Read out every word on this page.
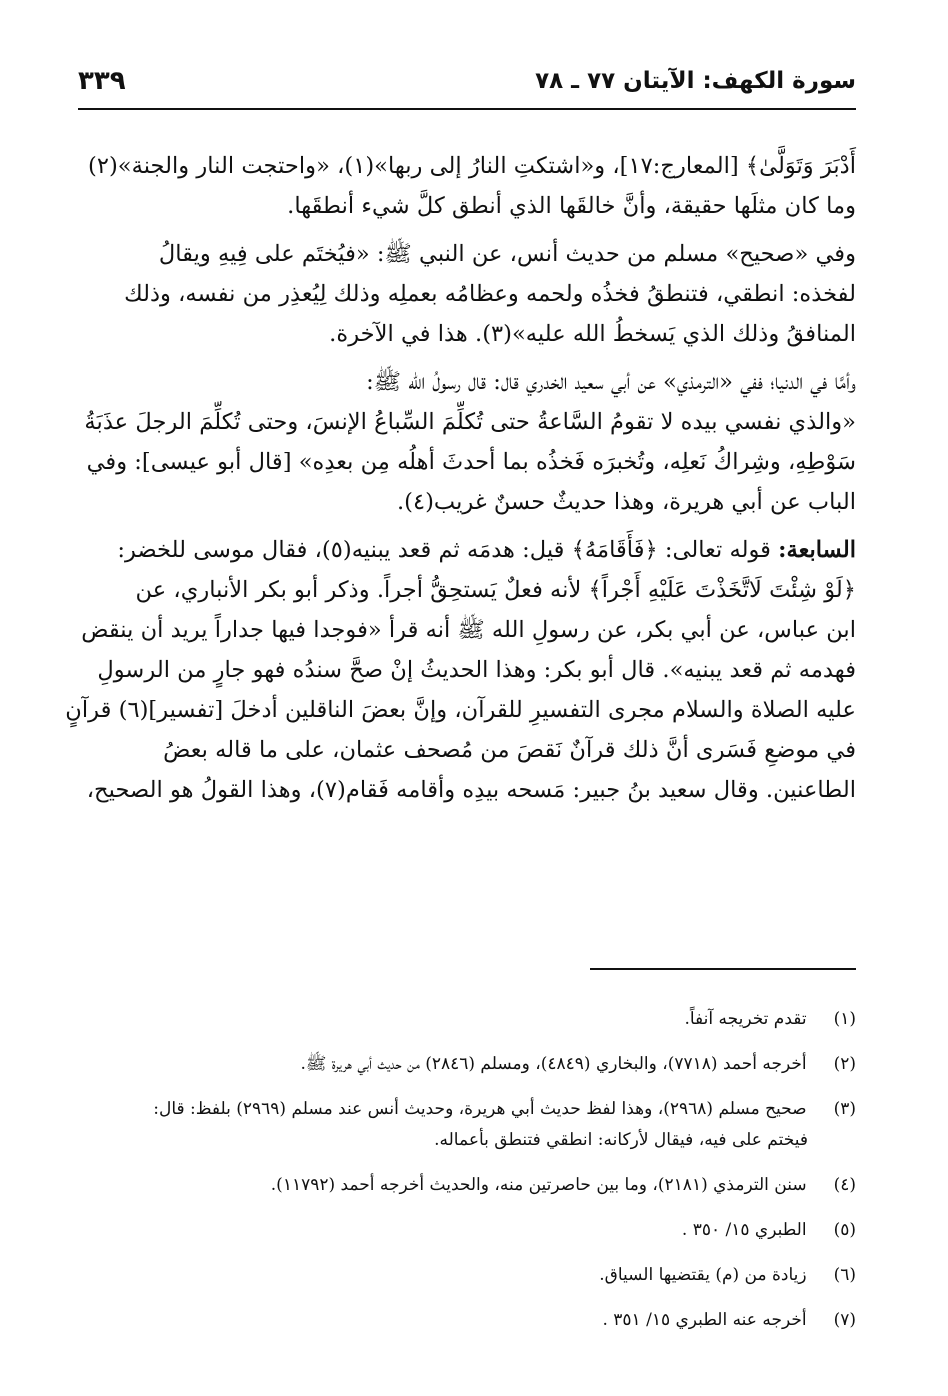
سورة الكهف: الآيتان ٧٧ ـ ٧٨
٣٣٩

أَدْبَرَ وَتَوَلَّىٰ﴾ [المعارج:١٧]، و«اشتكتِ النارُ إلى ربها»(١)، «واحتجت النار والجنة»(٢)
وما كان مثلَها حقيقة، وأنَّ خالقَها الذي أنطق كلَّ شيء أنطقَها.

وفي «صحيح» مسلم من حديث أنس، عن النبي ﷺ: «فيُختَم على فِيهِ ويقالُ
لفخذه: انطقي، فتنطقُ فخذُه ولحمه وعظامُه بعملِه وذلك لِيُعذِر من نفسه، وذلك
المنافقُ وذلك الذي يَسخطُ الله عليه»(٣). هذا في الآخرة.

وأمَّا في الدنيا؛ ففي «الترمذي» عن أبي سعيد الخدري قال: قال رسولُ الله ﷺ:
«والذي نفسي بيده لا تقومُ السَّاعةُ حتى تُكلِّمَ السِّباعُ الإنسَ، وحتى تُكلِّمَ الرجلَ عذَبَةُ
سَوْطِهِ، وشِراكُ نَعلِه، وتُخبرَه فَخذُه بما أحدثَ أهلُه مِن بعدِه» [قال أبو عيسى]: وفي
الباب عن أبي هريرة، وهذا حديثٌ حسنٌ غريب(٤).

السابعة: قوله تعالى: ﴿فَأَقَامَهُ﴾ قيل: هدمَه ثم قعد يبنيه(٥)، فقال موسى للخضر:
﴿لَوْ شِئْتَ لَاتَّخَذْتَ عَلَيْهِ أَجْراً﴾ لأنه فعلٌ يَستحِقُّ أجراً. وذكر أبو بكر الأنباري، عن
ابن عباس، عن أبي بكر، عن رسولِ الله ﷺ أنه قرأ «فوجدا فيها جداراً يريد أن ينقض
فهدمه ثم قعد يبنيه». قال أبو بكر: وهذا الحديثُ إنْ صحَّ سندُه فهو جارٍ من الرسولِ
عليه الصلاة والسلام مجرى التفسيرِ للقرآن، وإنَّ بعضَ الناقلين أدخلَ [تفسير](٦) قرآنٍ
في موضعِ فَسَرى أنَّ ذلك قرآنٌ نَقصَ من مُصحف عثمان، على ما قاله بعضُ
الطاعنين. وقال سعيد بنُ جبير: مَسحه بيدِه وأقامه فَقام(٧)، وهذا القولُ هو الصحيح،

(١) تقدم تخريجه آنفاً.
(٢) أخرجه أحمد (٧٧١٨)، والبخاري (٤٨٤٩)، ومسلم (٢٨٤٦) من حديث أبي هريرة ﷺ.
(٣) صحيح مسلم (٢٩٦٨)، وهذا لفظ حديث أبي هريرة، وحديث أنس عند مسلم (٢٩٦٩) بلفظ: قال:
فيختم على فيه، فيقال لأركانه: انطقي فتنطق بأعماله.
(٤) سنن الترمذي (٢١٨١)، وما بين حاصرتين منه، والحديث أخرجه أحمد (١١٧٩٢).
(٥) الطبري ١٥/ ٣٥٠ .
(٦) زيادة من (م) يقتضيها السياق.
(٧) أخرجه عنه الطبري ١٥/ ٣٥١ .
